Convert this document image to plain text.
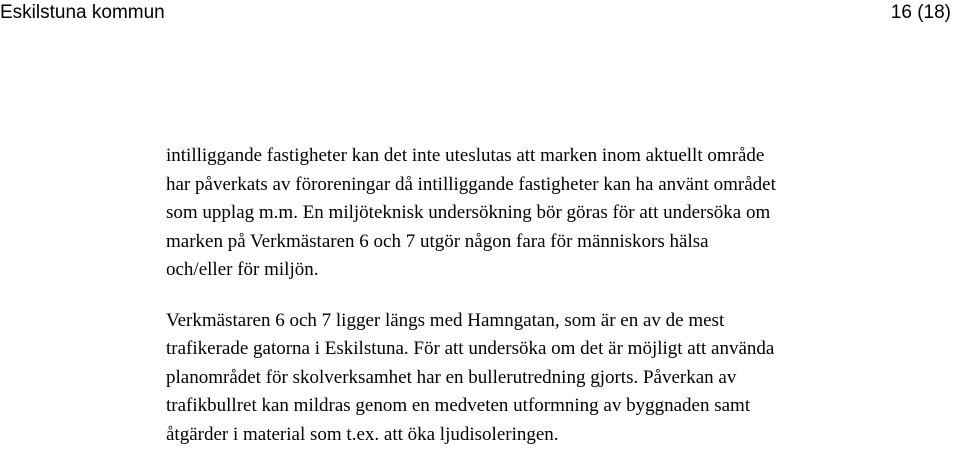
Eskilstuna kommun	16 (18)

intilliggande fastigheter kan det inte uteslutas att marken inom aktuellt område
har påverkats av föroreningar då intilliggande fastigheter kan ha använt området
som upplag m.m. En miljöteknisk undersökning bör göras för att undersöka om
marken på Verkmästaren 6 och 7 utgör någon fara för människors hälsa
och/eller för miljön.

Verkmästaren 6 och 7 ligger längs med Hamngatan, som är en av de mest
trafikerade gatorna i Eskilstuna. För att undersöka om det är möjligt att använda
planområdet för skolverksamhet har en bullerutredning gjorts. Påverkan av
trafikbullret kan mildras genom en medveten utformning av byggnaden samt
åtgärder i material som t.ex. att öka ljudisoleringen.
